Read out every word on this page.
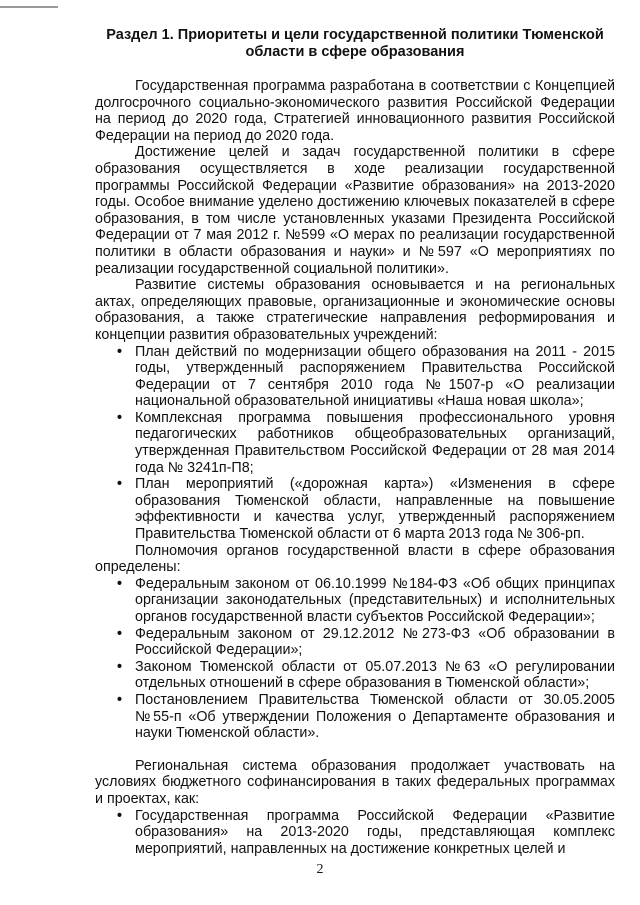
Раздел 1. Приоритеты и цели государственной политики Тюменской области в сфере образования

Государственная программа разработана в соответствии с Концепцией долгосрочного социально-экономического развития Российской Федерации на период до 2020 года, Стратегией инновационного развития Российской Федерации на период до 2020 года.

Достижение целей и задач государственной политики в сфере образования осуществляется в ходе реализации государственной программы Российской Федерации «Развитие образования» на 2013-2020 годы. Особое внимание уделено достижению ключевых показателей в сфере образования, в том числе установленных указами Президента Российской Федерации от 7 мая 2012 г. №599 «О мерах по реализации государственной политики в области образования и науки» и №597 «О мероприятиях по реализации государственной социальной политики».

Развитие системы образования основывается и на региональных актах, определяющих правовые, организационные и экономические основы образования, а также стратегические направления реформирования и концепции развития образовательных учреждений:

• План действий по модернизации общего образования на 2011 - 2015 годы, утвержденный распоряжением Правительства Российской Федерации от 7 сентября 2010 года №1507-р «О реализации национальной образовательной инициативы «Наша новая школа»;
• Комплексная программа повышения профессионального уровня педагогических работников общеобразовательных организаций, утвержденная Правительством Российской Федерации от 28 мая 2014 года № 3241п-П8;
• План мероприятий («дорожная карта») «Изменения в сфере образования Тюменской области, направленные на повышение эффективности и качества услуг, утвержденный распоряжением Правительства Тюменской области от 6 марта 2013 года № 306-рп.

Полномочия органов государственной власти в сфере образования определены:

• Федеральным законом от 06.10.1999 №184-ФЗ «Об общих принципах организации законодательных (представительных) и исполнительных органов государственной власти субъектов Российской Федерации»;
• Федеральным законом от 29.12.2012 №273-ФЗ «Об образовании в Российской Федерации»;
• Законом Тюменской области от 05.07.2013 №63 «О регулировании отдельных отношений в сфере образования в Тюменской области»;
• Постановлением Правительства Тюменской области от 30.05.2005 №55-п «Об утверждении Положения о Департаменте образования и науки Тюменской области».

Региональная система образования продолжает участвовать на условиях бюджетного софинансирования в таких федеральных программах и проектах, как:

• Государственная программа Российской Федерации «Развитие образования» на 2013-2020 годы, представляющая комплекс мероприятий, направленных на достижение конкретных целей и
2
